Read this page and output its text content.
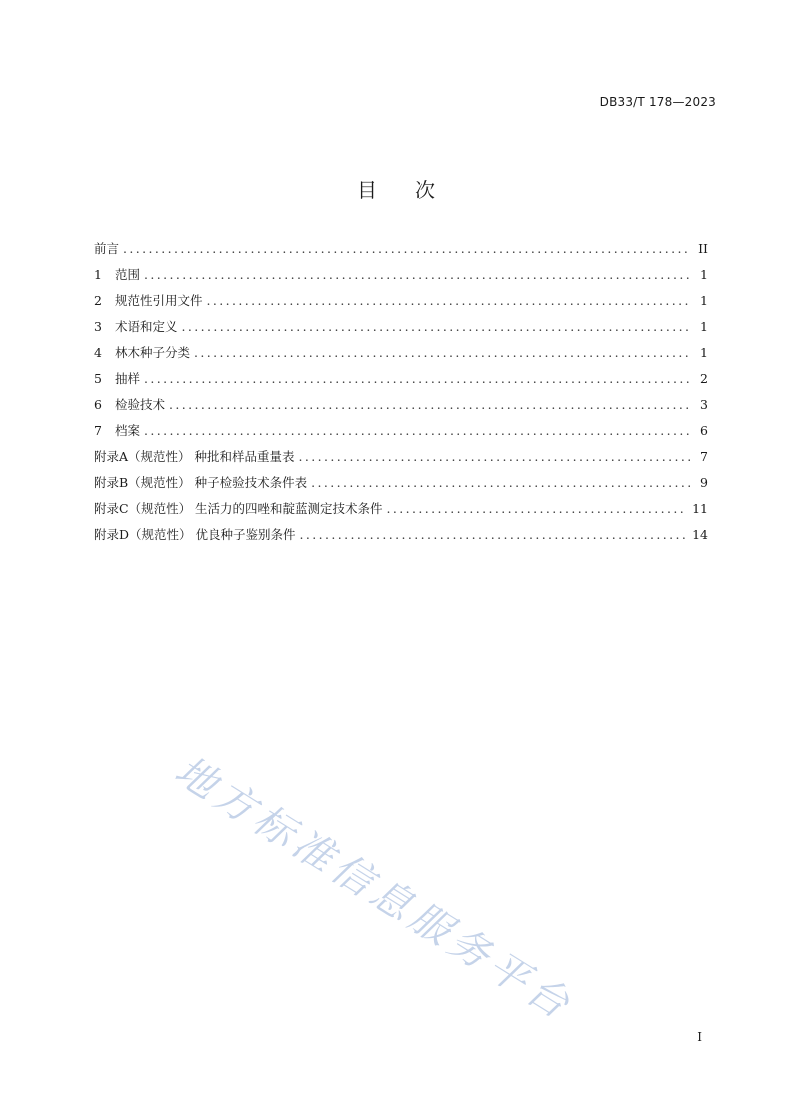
DB33/T 178—2023
目 次
前言 .....	II
1	范围 .....	1
2	规范性引用文件 .....	1
3	术语和定义 .....	1
4	林木种子分类 .....	1
5	抽样 .....	2
6	检验技术 .....	3
7	档案 .....	6
附录A（规范性） 种批和样品重量表 .....	7
附录B（规范性） 种子检验技术条件表 .....	9
附录C（规范性） 生活力的四唑和靛蓝测定技术条件 .....	11
附录D（规范性） 优良种子鉴别条件 .....	14
地方标准信息服务平台
I
